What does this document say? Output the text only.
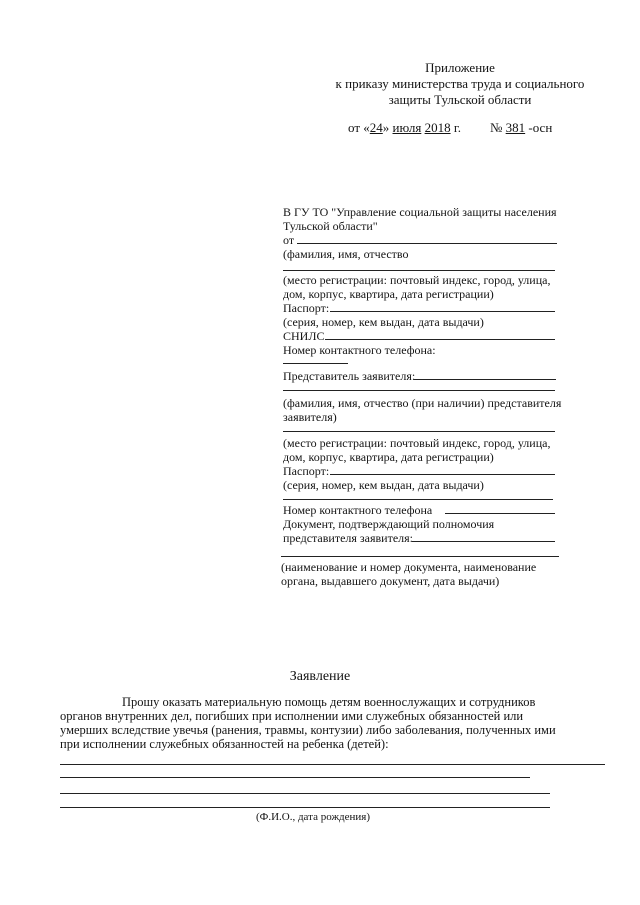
Приложение
к приказу министерства труда и социального
защиты Тульской области
от «24» июля 2018 г. № 381 -осн
В ГУ ТО "Управление социальной защиты населения
Тульской области"
от
(фамилия, имя, отчество
(место регистрации: почтовый индекс, город, улица,
дом, корпус, квартира, дата регистрации)
Паспорт:
(серия, номер, кем выдан, дата выдачи)
СНИЛС
Номер контактного телефона:
Представитель заявителя:
(фамилия, имя, отчество (при наличии) представителя
заявителя)
(место регистрации: почтовый индекс, город, улица,
дом, корпус, квартира, дата регистрации)
Паспорт:
(серия, номер, кем выдан, дата выдачи)
Номер контактного телефона
Документ, подтверждающий полномочия
представителя заявителя:
(наименование и номер документа, наименование
органа, выдавшего документ, дата выдачи)
Заявление
Прошу оказать материальную помощь детям военнослужащих и сотрудников
органов внутренних дел, погибших при исполнении ими служебных обязанностей или
умерших вследствие увечья (ранения, травмы, контузии) либо заболевания, полученных ими
при исполнении служебных обязанностей на ребенка (детей):
(Ф.И.О., дата рождения)
